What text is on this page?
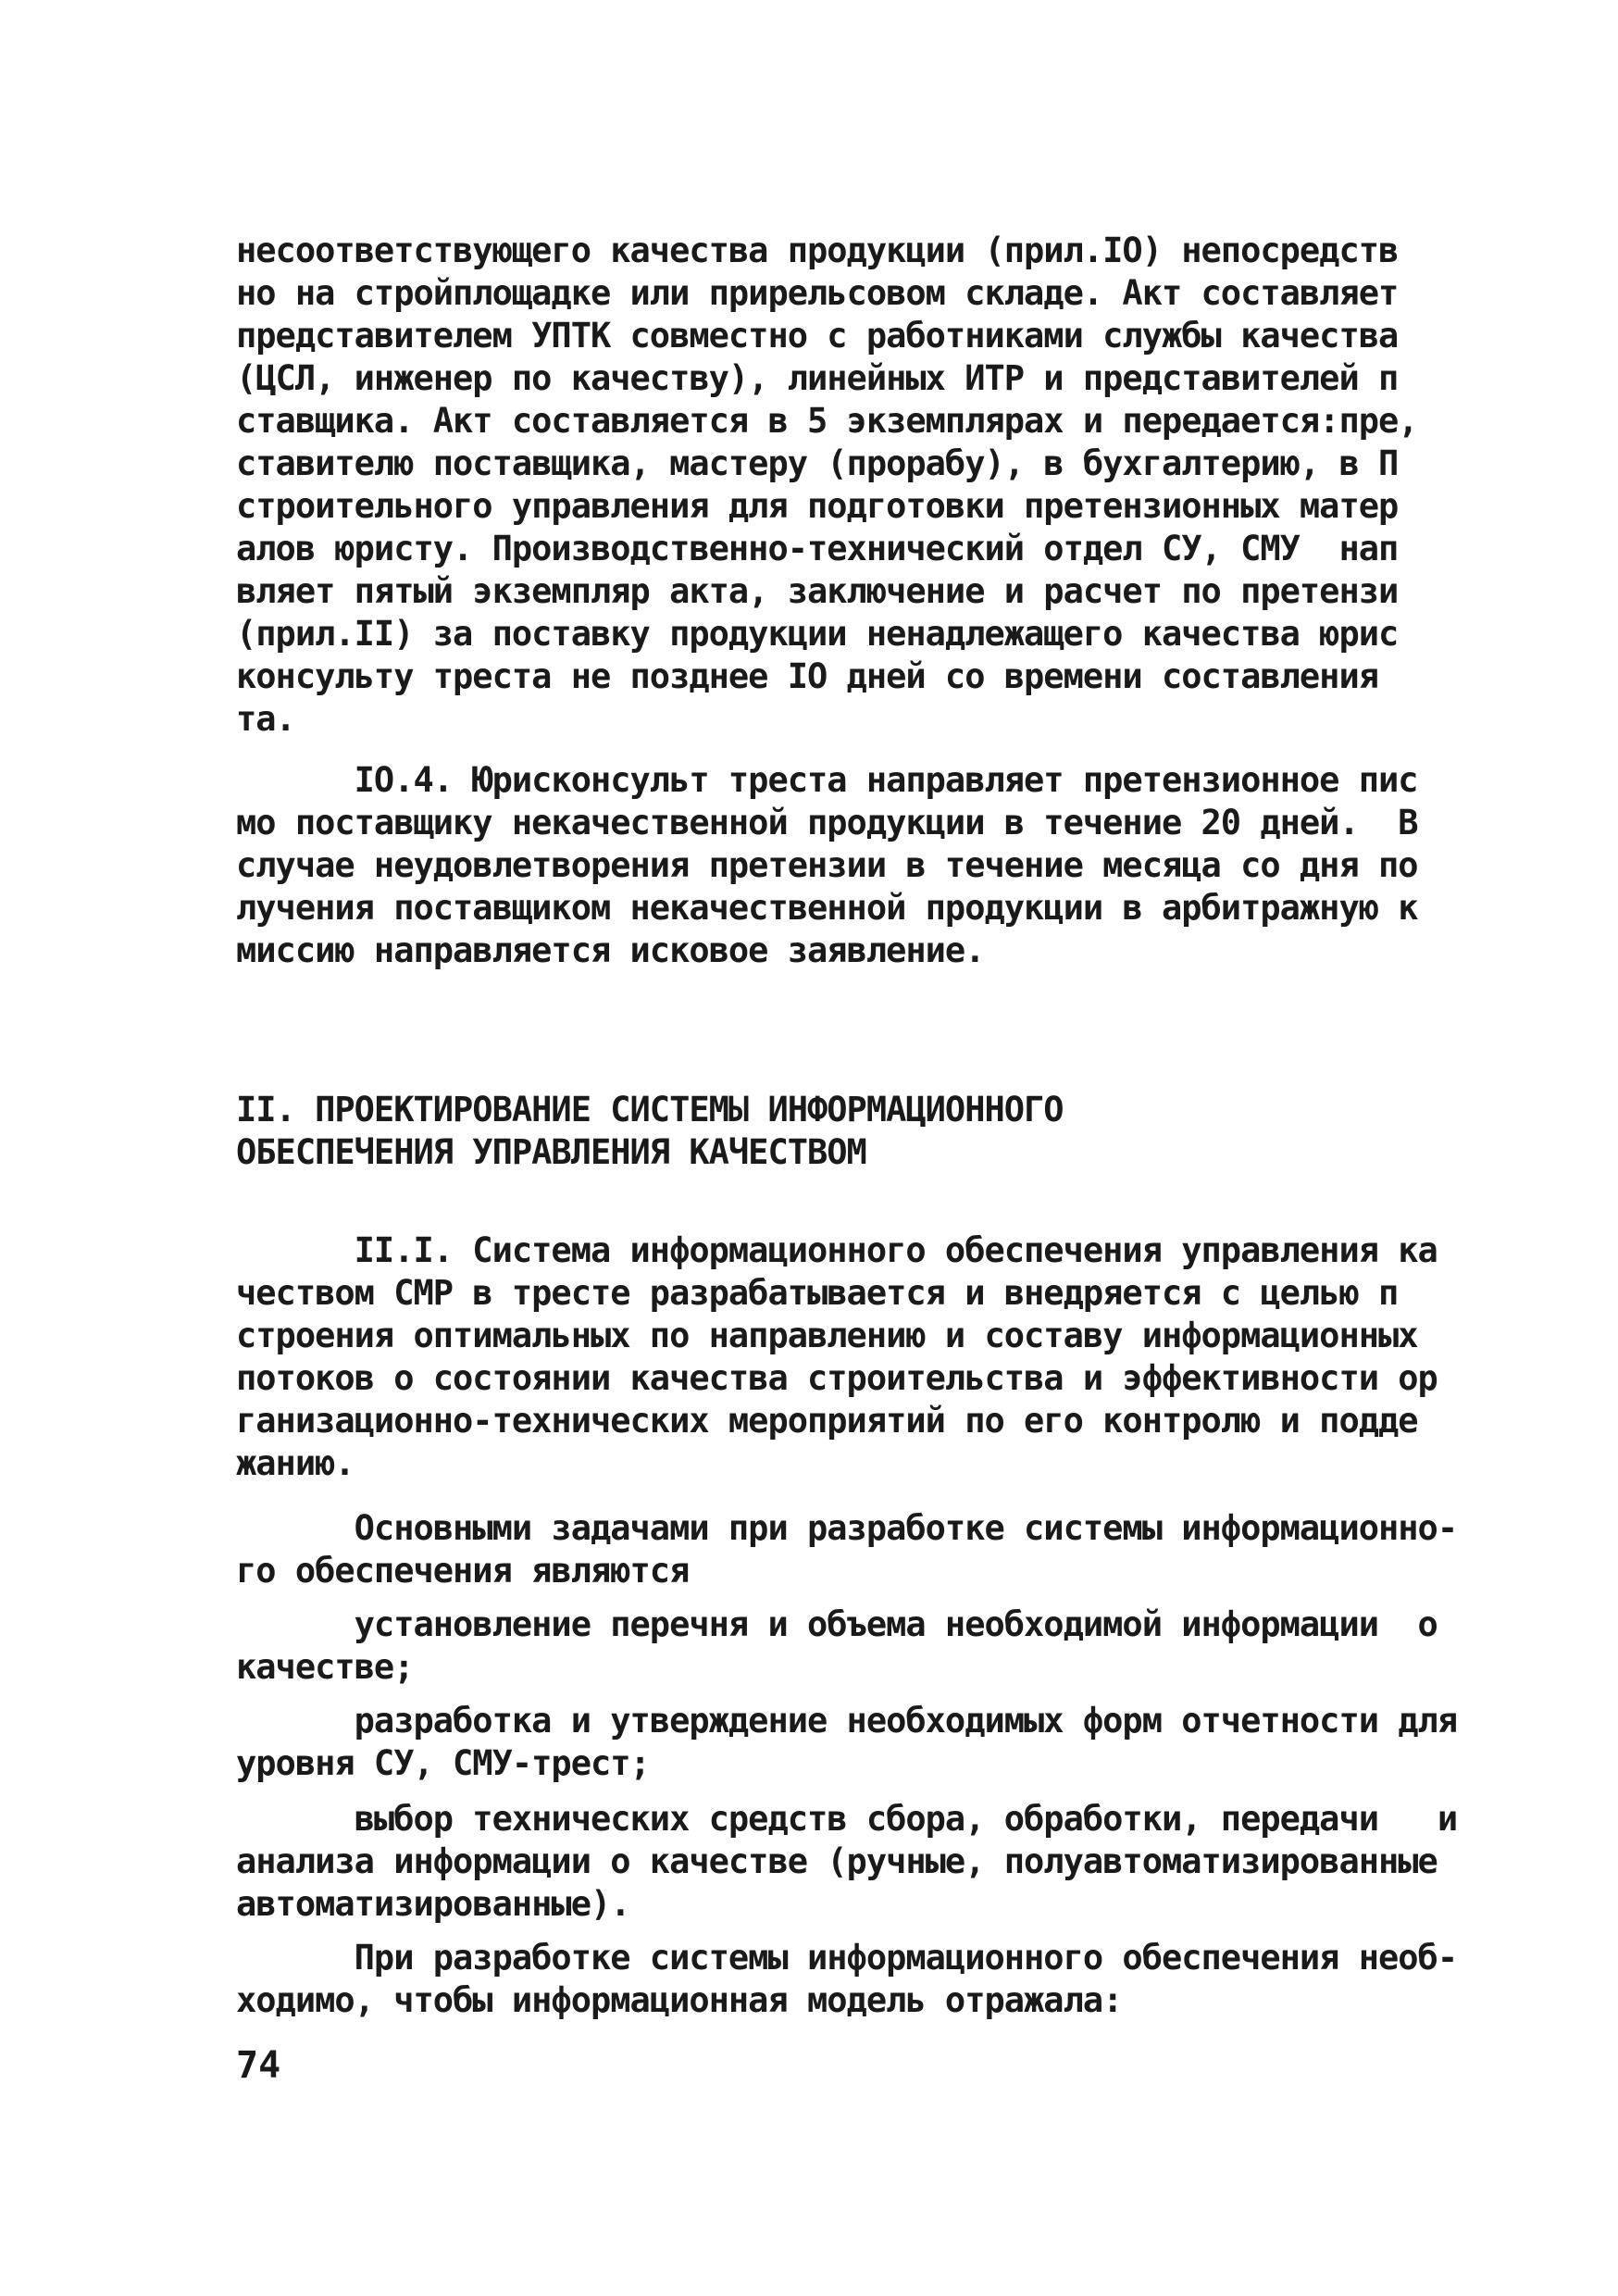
несоответствующего качества продукции (прил.IO) непосредств
но на стройплощадке или прирельсовом складе. Акт составляет
представителем УПТК совместно с работниками службы качества
(ЦСЛ, инженер по качеству), линейных ИТР и представителей п
ставщика. Акт составляется в 5 экземплярах и передается:пре,
ставителю поставщика, мастеру (прорабу), в бухгалтерию, в П
строительного управления для подготовки претензионных матер
алов юристу. Производственно-технический отдел СУ, СМУ  нап
вляет пятый экземпляр акта, заключение и расчет по претензи
(прил.II) за поставку продукции ненадлежащего качества юрис
консульту треста не позднее IO дней со времени составления
та.
IO.4. Юрисконсульт треста направляет претензионное пис
мо поставщику некачественной продукции в течение 20 дней.  В
случае неудовлетворения претензии в течение месяца со дня по
лучения поставщиком некачественной продукции в арбитражную к
миссию направляется исковое заявление.
II. ПРОЕКТИРОВАНИЕ СИСТЕМЫ ИНФОРМАЦИОННОГО
ОБЕСПЕЧЕНИЯ УПРАВЛЕНИЯ КАЧЕСТВОМ
II.I. Система информационного обеспечения управления ка
чеством СМР в тресте разрабатывается и внедряется с целью п
строения оптимальных по направлению и составу информационных
потоков о состоянии качества строительства и эффективности ор
ганизационно-технических мероприятий по его контролю и подде
жанию.
Основными задачами при разработке системы информационно-
го обеспечения являются
установление перечня и объема необходимой информации  о
качестве;
разработка и утверждение необходимых форм отчетности для
уровня СУ, СМУ-трест;
выбор технических средств сбора, обработки, передачи   и
анализа информации о качестве (ручные, полуавтоматизированные
автоматизированные).
При разработке системы информационного обеспечения необ-
ходимо, чтобы информационная модель отражала:
74
